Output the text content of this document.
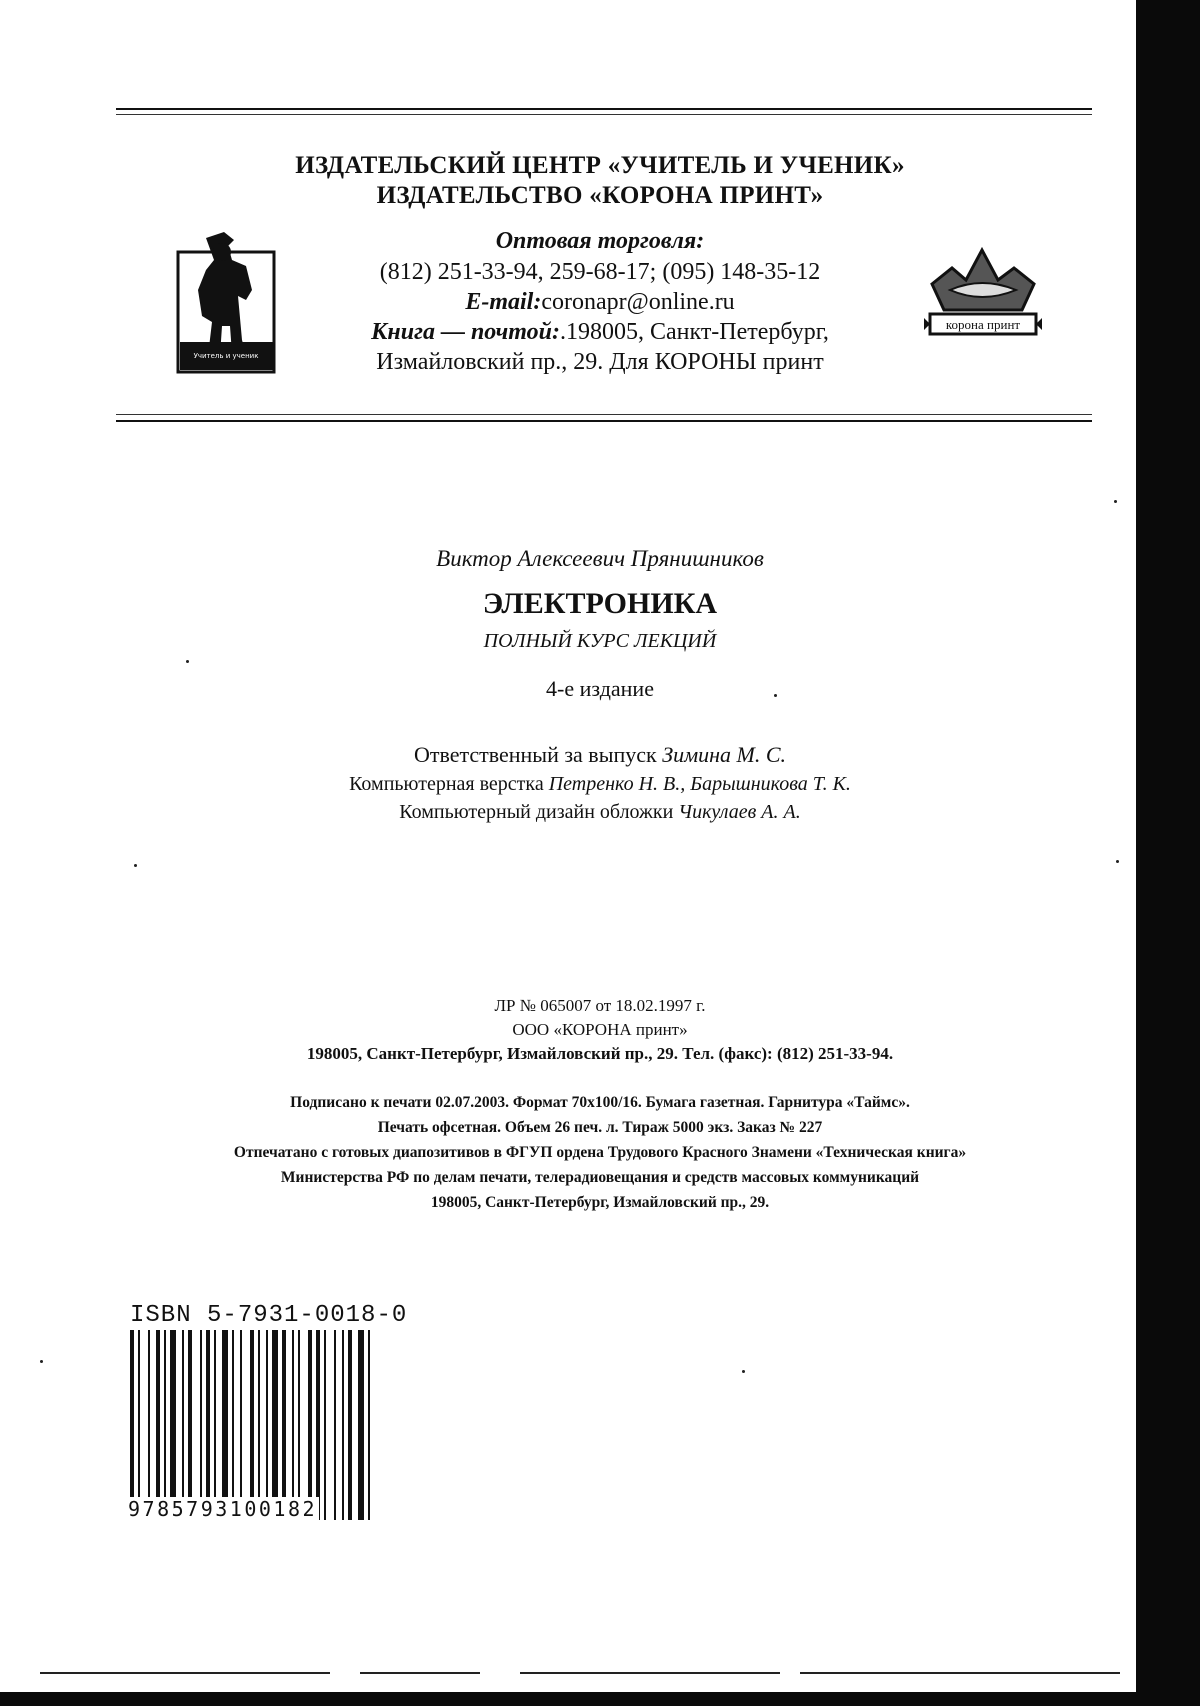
ИЗДАТЕЛЬСКИЙ ЦЕНТР «УЧИТЕЛЬ И УЧЕНИК»
ИЗДАТЕЛЬСТВО «КОРОНА ПРИНТ»
Учитель и ученик
Оптовая торговля:
(812) 251-33-94, 259-68-17; (095) 148-35-12
E-mail:coronapr@online.ru
Книга — почтой:.198005, Санкт-Петербург,
Измайловский пр., 29. Для КОРОНЫ принт
корона принт
Виктор Алексеевич Прянишников
ЭЛЕКТРОНИКА
ПОЛНЫЙ КУРС ЛЕКЦИЙ
4-е издание
Ответственный за выпуск Зимина М. С.
Компьютерная верстка Петренко Н. В., Барышникова Т. К.
Компьютерный дизайн обложки Чикулаев А. А.
ЛР № 065007 от 18.02.1997 г.
ООО «КОРОНА принт»
198005, Санкт-Петербург, Измайловский пр., 29. Тел. (факс): (812) 251-33-94.
Подписано к печати 02.07.2003. Формат 70x100/16. Бумага газетная. Гарнитура «Таймс».
Печать офсетная. Объем 26 печ. л. Тираж 5000 экз. Заказ № 227
Отпечатано с готовых диапозитивов в ФГУП ордена Трудового Красного Знамени «Техническая книга»
Министерства РФ по делам печати, телерадиовещания и средств массовых коммуникаций
198005, Санкт-Петербург, Измайловский пр., 29.
ISBN 5-7931-0018-0
9785793100182
